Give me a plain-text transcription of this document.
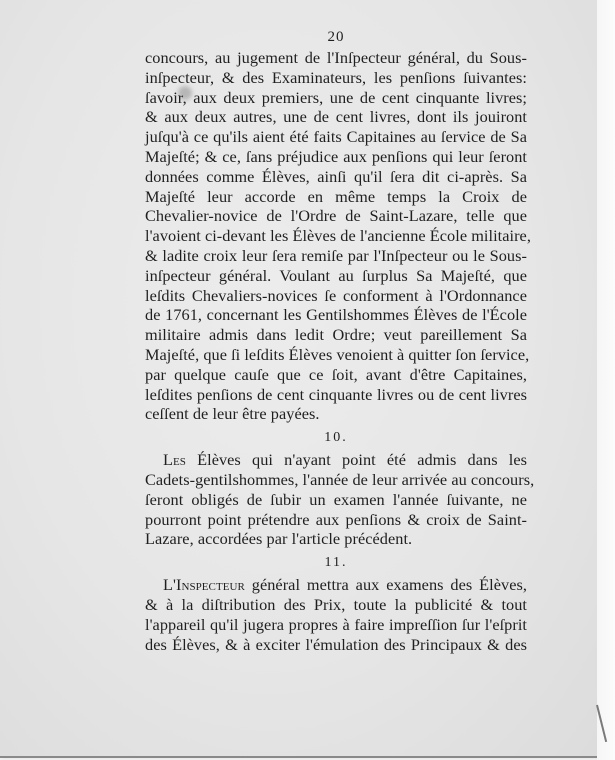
20
concours, au jugement de l'Inſpecteur général, du Sous-
inſpecteur, & des Examinateurs, les penſions ſuivantes:
ſavoir, aux deux premiers, une de cent cinquante livres;
& aux deux autres, une de cent livres, dont ils jouiront
juſqu'à ce qu'ils aient été faits Capitaines au ſervice de Sa
Majeſté; & ce, ſans préjudice aux penſions qui leur ſeront
données comme Élèves, ainſi qu'il ſera dit ci-après. Sa
Majeſté leur accorde en même temps la Croix de
Chevalier-novice de l'Ordre de Saint-Lazare, telle que
l'avoient ci-devant les Élèves de l'ancienne École militaire,
& ladite croix leur ſera remiſe par l'Inſpecteur ou le Sous-
inſpecteur général. Voulant au ſurplus Sa Majeſté, que
leſdits Chevaliers-novices ſe conforment à l'Ordonnance
de 1761, concernant les Gentilshommes Élèves de l'École
militaire admis dans ledit Ordre; veut pareillement Sa
Majeſté, que ſi leſdits Élèves venoient à quitter ſon ſervice,
par quelque cauſe que ce ſoit, avant d'être Capitaines,
leſdites penſions de cent cinquante livres ou de cent livres
ceſſent de leur être payées.
10.
Les Élèves qui n'ayant point été admis dans les
Cadets-gentilshommes, l'année de leur arrivée au concours,
ſeront obligés de ſubir un examen l'année ſuivante, ne
pourront point prétendre aux penſions & croix de Saint-
Lazare, accordées par l'article précédent.
11.
L'Inspecteur général mettra aux examens des Élèves,
& à la diſtribution des Prix, toute la publicité & tout
l'appareil qu'il jugera propres à faire impreſſion ſur l'eſprit
des Élèves, & à exciter l'émulation des Principaux & des
